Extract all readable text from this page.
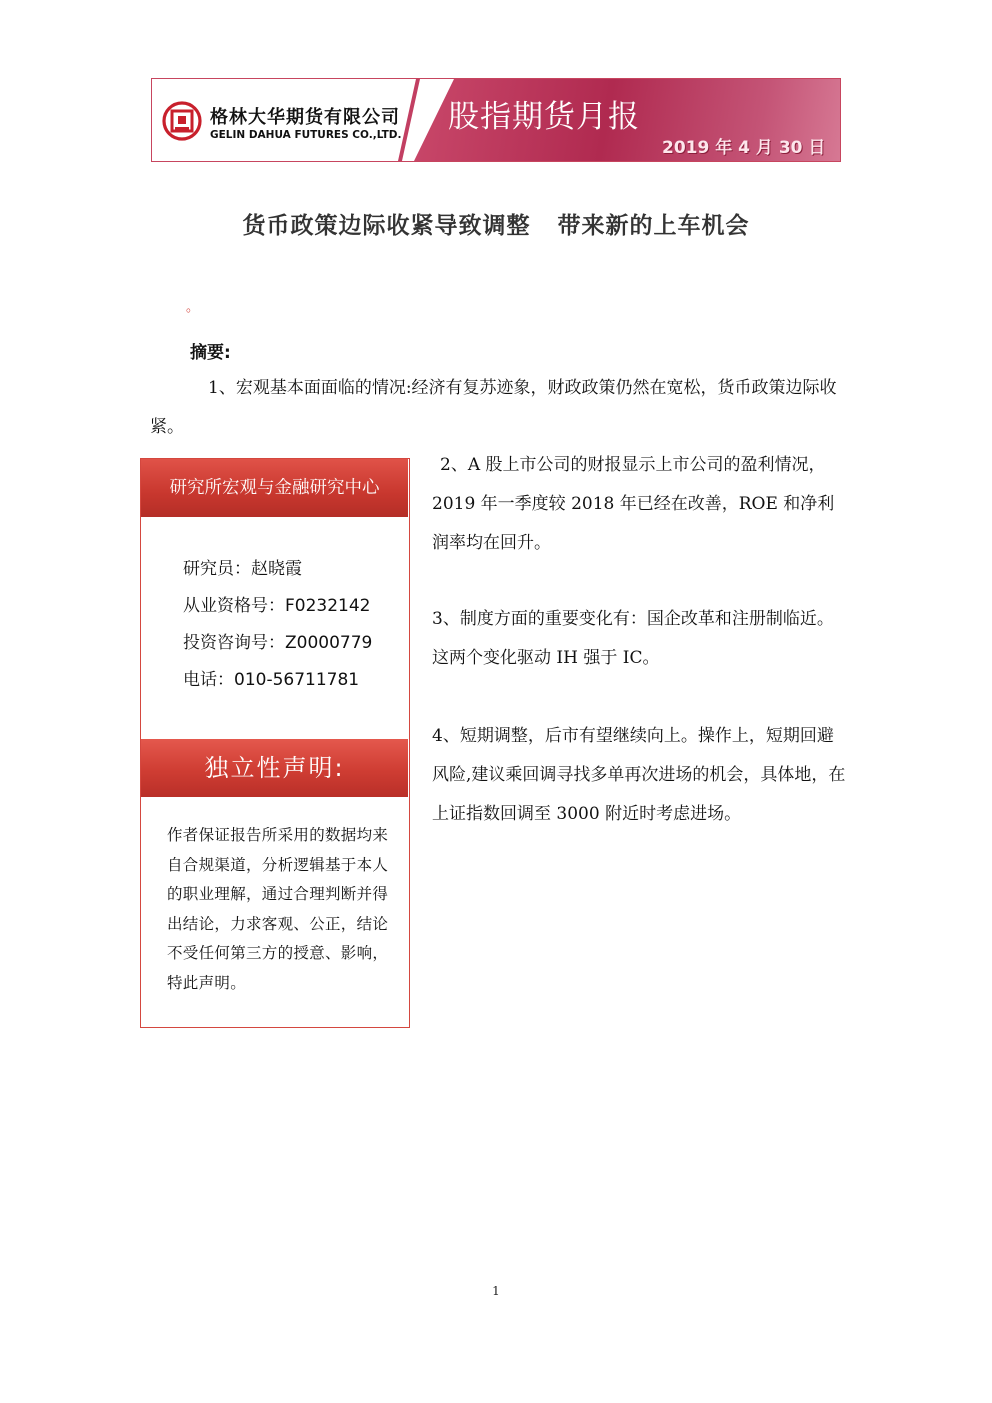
格林大华期货有限公司
GELIN DAHUA FUTURES CO.,LTD. 股指期货月报
2019 年 4 月 30 日
货币政策边际收紧导致调整   带来新的上车机会
。
摘要:
1、宏观基本面面临的情况:经济有复苏迹象，财政政策仍然在宽松，货币政策边际收紧。
2、A 股上市公司的财报显示上市公司的盈利情况，2019 年一季度较 2018 年已经在改善，ROE 和净利润率均在回升。
3、制度方面的重要变化有：国企改革和注册制临近。这两个变化驱动 IH 强于 IC。
4、短期调整，后市有望继续向上。操作上，短期回避风险,建议乘回调寻找多单再次进场的机会，具体地，在上证指数回调至 3000 附近时考虑进场。
研究所宏观与金融研究中心
研究员：赵晓霞
从业资格号：F0232142
投资咨询号：Z0000779
电话：010-56711781
独立性声明:
作者保证报告所采用的数据均来自合规渠道，分析逻辑基于本人的职业理解，通过合理判断并得出结论，力求客观、公正，结论不受任何第三方的授意、影响，特此声明。
1
